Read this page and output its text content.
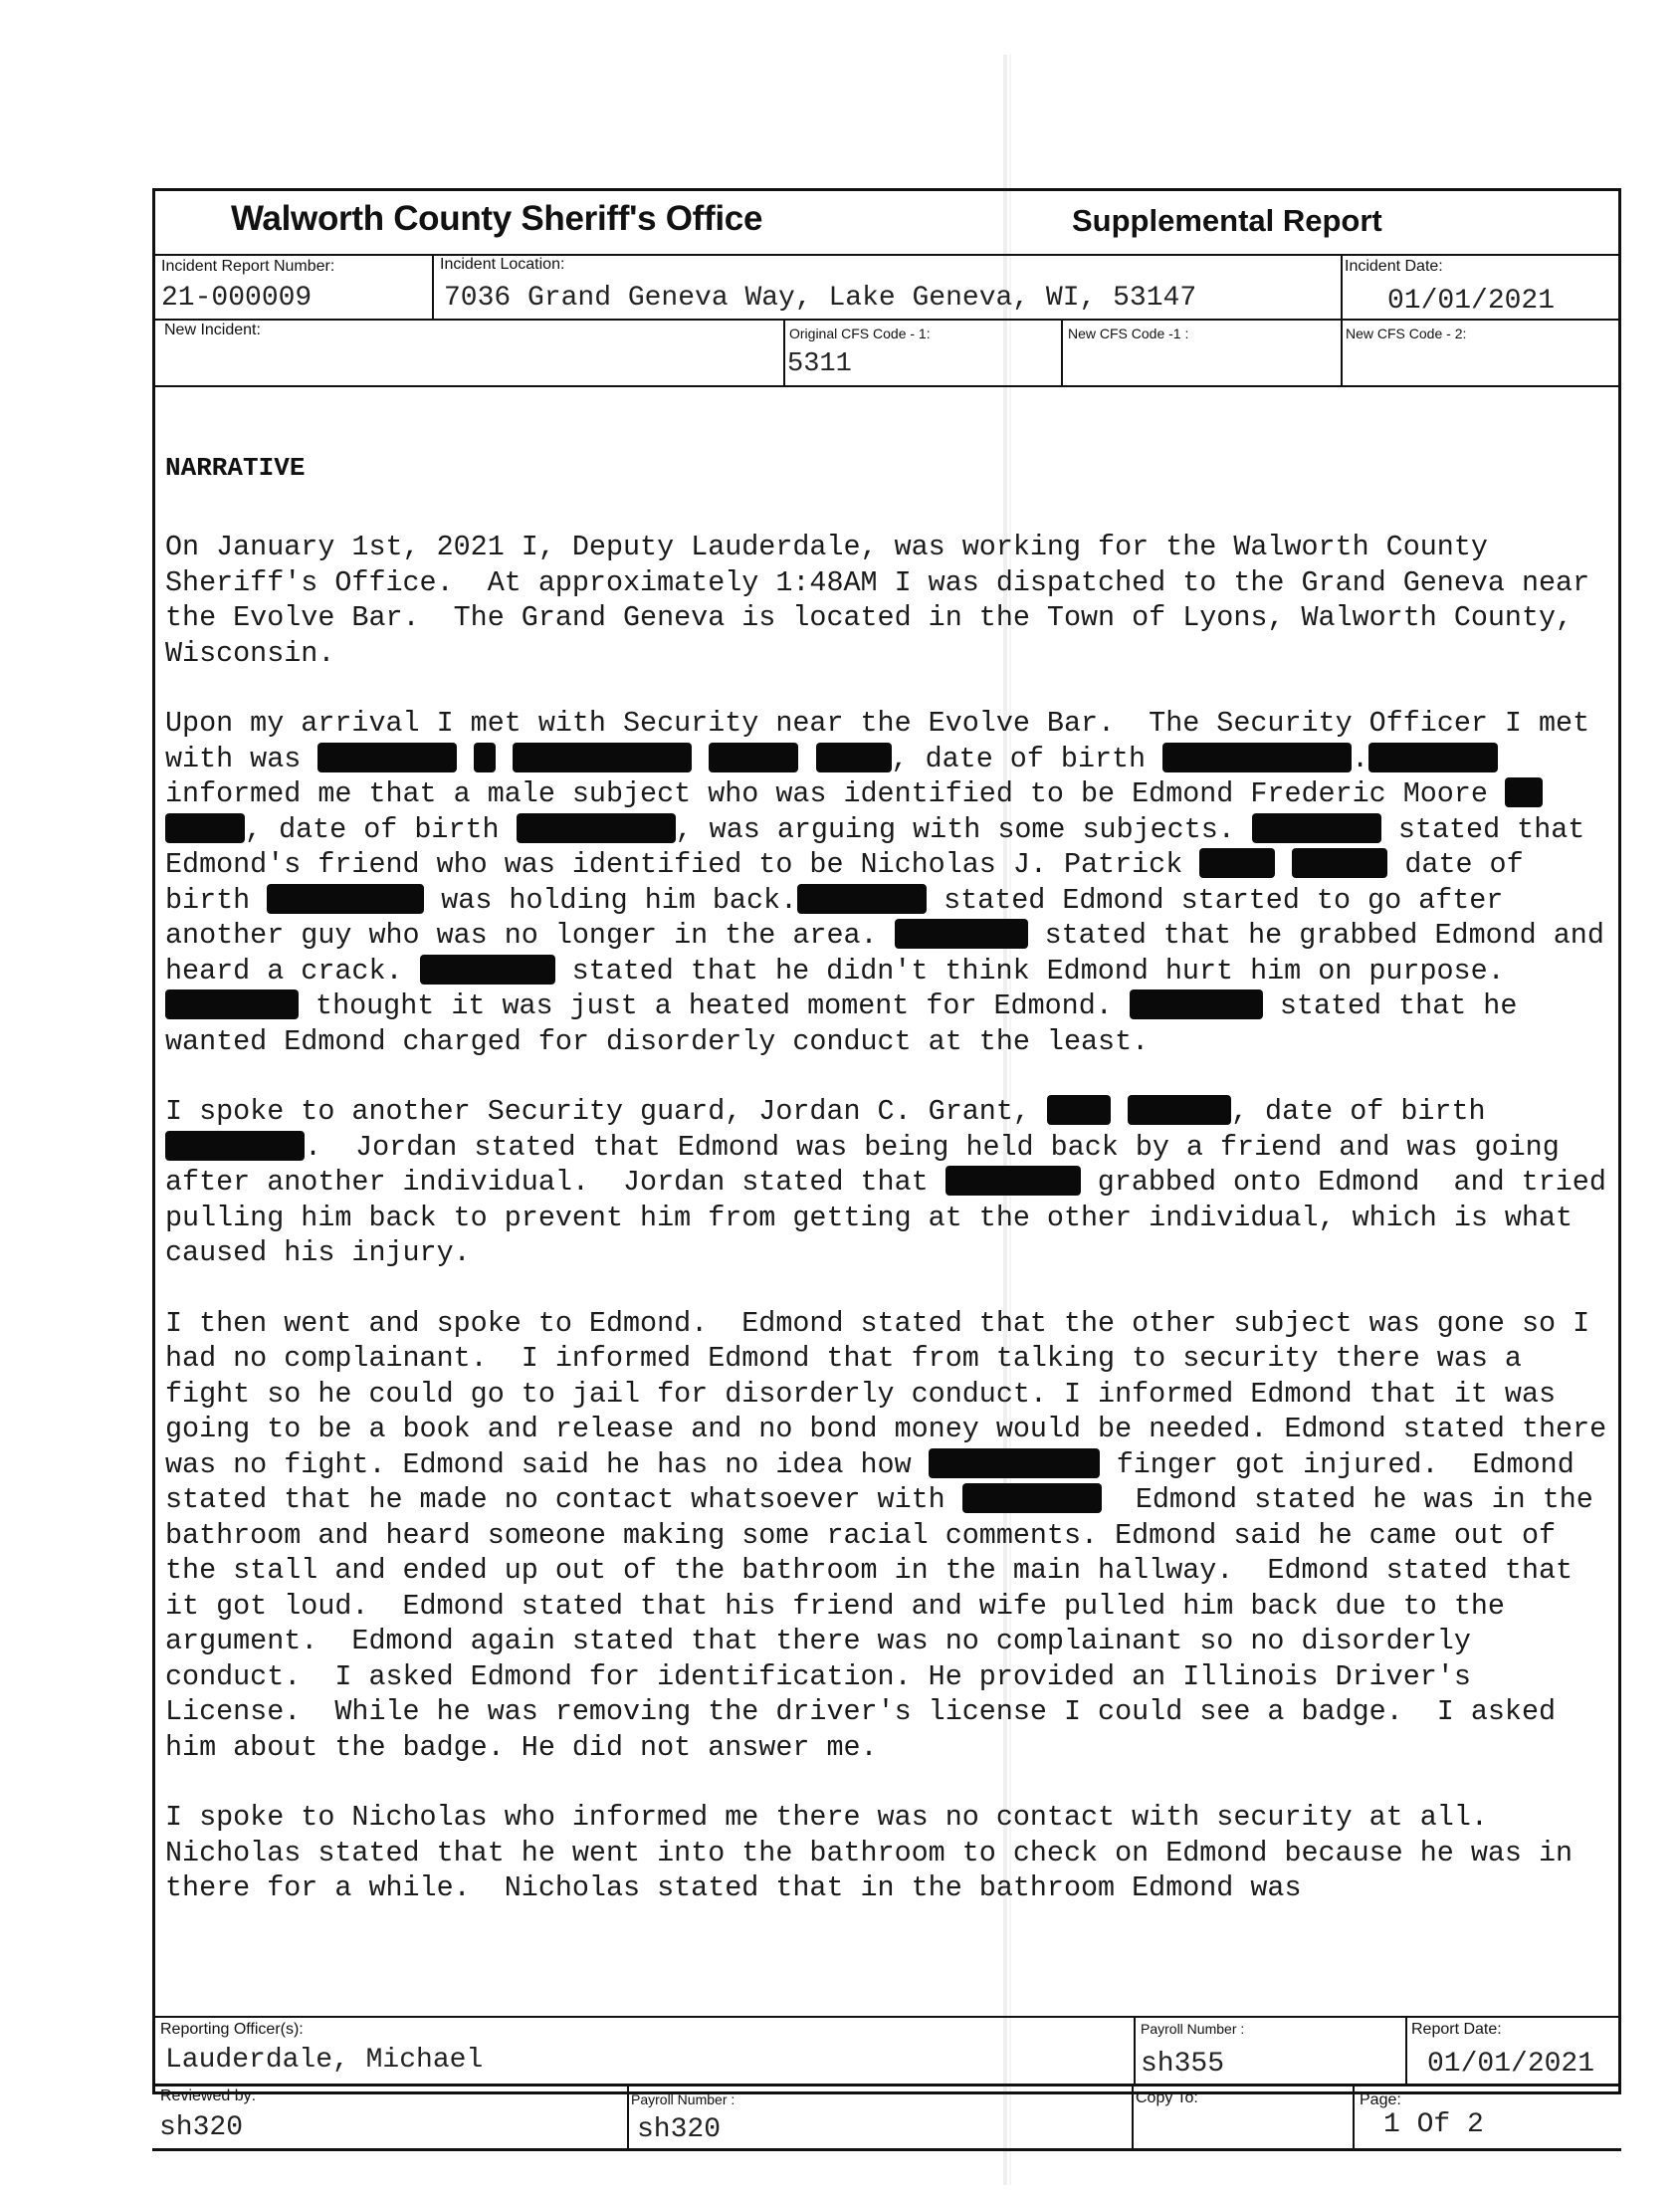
Walworth County Sheriff's Office	Supplemental Report
Incident Report Number:
21-000009
Incident Location:
7036 Grand Geneva Way, Lake Geneva, WI, 53147
Incident Date:
01/01/2021
New Incident:	Original CFS Code - 1:
5311
New CFS Code -1 :	New CFS Code - 2:
NARRATIVE

On January 1st, 2021 I, Deputy Lauderdale, was working for the Walworth County Sheriff's Office.  At approximately 1:48AM I was dispatched to the Grand Geneva near the Evolve Bar.  The Grand Geneva is located in the Town of Lyons, Walworth County, Wisconsin.

Upon my arrival I met with Security near the Evolve Bar.  The Security Officer I met with was	, date of birth	.	informed me that a male subject who was identified to be Edmond Frederic Moore  , date of birth	, was arguing with some subjects.	stated that Edmond's friend who was identified to be Nicholas J. Patrick	date of birth	was holding him back.	stated Edmond started to go after another guy who was no longer in the area.	stated that he grabbed Edmond and heard a crack.	stated that he didn't think Edmond hurt him on purpose.  thought it was just a heated moment for Edmond.	stated that he wanted Edmond charged for disorderly conduct at the least.

I spoke to another Security guard, Jordan C. Grant,	, date of birth .  Jordan stated that Edmond was being held back by a friend and was going after another individual.  Jordan stated that	grabbed onto Edmond  and tried pulling him back to prevent him from getting at the other individual, which is what caused his injury.

I then went and spoke to Edmond.  Edmond stated that the other subject was gone so I had no complainant.  I informed Edmond that from talking to security there was a fight so he could go to jail for disorderly conduct. I informed Edmond that it was going to be a book and release and no bond money would be needed. Edmond stated there was no fight. Edmond said he has no idea how	finger got injured.  Edmond stated that he made no contact whatsoever with	Edmond stated he was in the bathroom and heard someone making some racial comments. Edmond said he came out of the stall and ended up out of the bathroom in the main hallway.  Edmond stated that it got loud.  Edmond stated that his friend and wife pulled him back due to the argument.  Edmond again stated that there was no complainant so no disorderly conduct.  I asked Edmond for identification. He provided an Illinois Driver's License.  While he was removing the driver's license I could see a badge.  I asked him about the badge. He did not answer me.

I spoke to Nicholas who informed me there was no contact with security at all. Nicholas stated that he went into the bathroom to check on Edmond because he was in there for a while.  Nicholas stated that in the bathroom Edmond was

Reporting Officer(s):
Lauderdale, Michael
Payroll Number :
sh355
Report Date:
01/01/2021
Reviewed by:
sh320
Payroll Number :
sh320
Copy To:	Page:
1 Of 2
